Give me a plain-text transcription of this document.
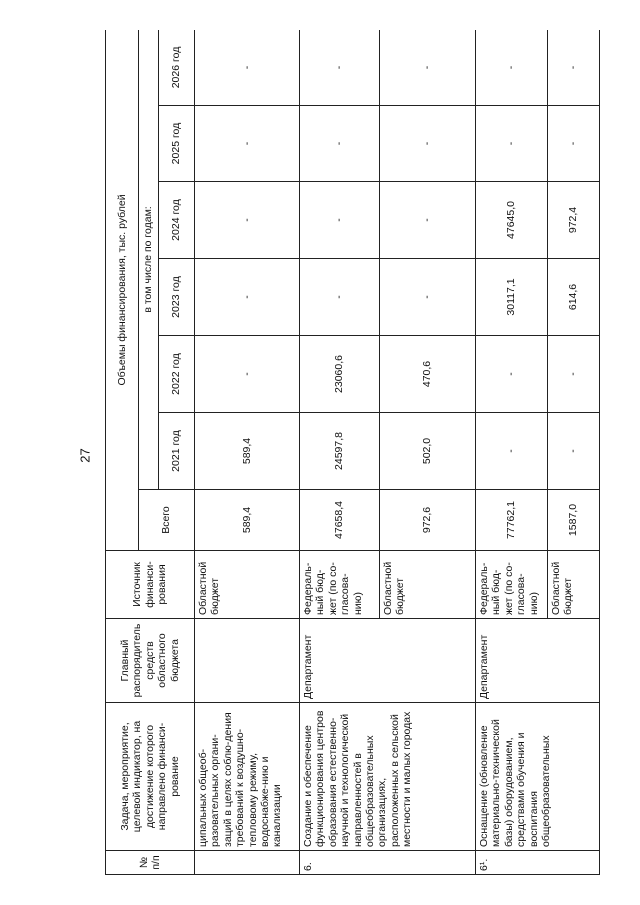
27
№ п/п	Задача, мероприятие, целевой индикатор, на достижение которого направлено финанси-рование	Главный распорядитель средств областного бюджета	Источник финанси-рования	Объемы финансирования, тыс. рублей						
				Всего	в том числе по годам:					
					2021 год	2022 год	2023 год	2024 год	2025 год	2026 год
	ципальных общеоб-разовательных органи-заций в целях соблю-дения требований к воздушно-тепловому режиму, водоснабже-нию и канализации		Областной бюджет	589,4	589,4	-	-	-	-	-
6.	Создание и обеспечение функционирования центров образования естественно-научной и технологической направленностей в общеобразовательных организациях, расположенных в сельской местности и малых городах	Департамент	Федераль-ный бюд-жет (по со-гласова-нию)	47658,4	24597,8	23060,6	-	-	-	-
			Областной бюджет	972,6	502,0	470,6	-	-	-	-
6¹.	Оснащение (обновление материально-технической базы) оборудованием, средствами обучения и воспитания общеобразовательных	Департамент	Федераль-ный бюд-жет (по со-гласова-нию)	77762,1	-	-	30117,1	47645,0	-	-
			Областной бюджет	1587,0	-	-	614,6	972,4	-	-
